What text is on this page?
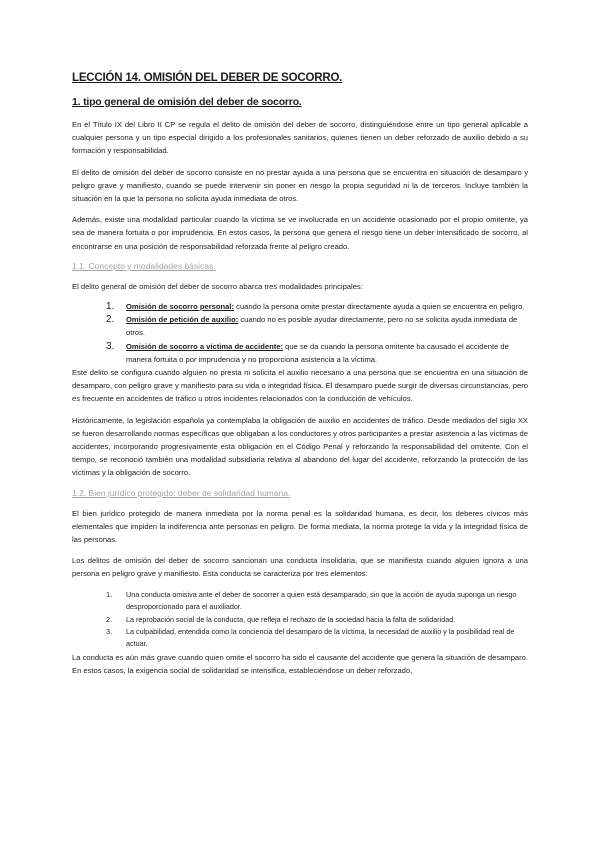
LECCIÓN 14. OMISIÓN DEL DEBER DE SOCORRO.
1. tipo general de omisión del deber de socorro.
En el Título IX del Libro II CP se regula el delito de omisión del deber de socorro, distinguiéndose entre un tipo general aplicable a cualquier persona y un tipo especial dirigido a los profesionales sanitarios, quienes tienen un deber reforzado de auxilio debido a su formación y responsabilidad.
El delito de omisión del deber de socorro consiste en no prestar ayuda a una persona que se encuentra en situación de desamparo y peligro grave y manifiesto, cuando se puede intervenir sin poner en riesgo la propia seguridad ni la de terceros. Incluye también la situación en la que la persona no solicita ayuda inmediata de otros.
Además, existe una modalidad particular cuando la víctima se ve involucrada en un accidente ocasionado por el propio omitente, ya sea de manera fortuita o por imprudencia. En estos casos, la persona que genera el riesgo tiene un deber intensificado de socorro, al encontrarse en una posición de responsabilidad reforzada frente al peligro creado.
1.1. Concepto y modalidades básicas.
El delito general de omisión del deber de socorro abarca tres modalidades principales:
1. Omisión de socorro personal: cuando la persona omite prestar directamente ayuda a quien se encuentra en peligro.
2. Omisión de petición de auxilio: cuando no es posible ayudar directamente, pero no se solicita ayuda inmediata de otros.
3. Omisión de socorro a víctima de accidente: que se da cuando la persona omitente ha causado el accidente de manera fortuita o por imprudencia y no proporciona asistencia a la víctima.
Este delito se configura cuando alguien no presta ni solicita el auxilio necesario a una persona que se encuentra en una situación de desamparo, con peligro grave y manifiesto para su vida o integridad física. El desamparo puede surgir de diversas circunstancias, pero es frecuente en accidentes de tráfico u otros incidentes relacionados con la conducción de vehículos.
Históricamente, la legislación española ya contemplaba la obligación de auxilio en accidentes de tráfico. Desde mediados del siglo XX se fueron desarrollando normas específicas que obligaban a los conductores y otros participantes a prestar asistencia a las víctimas de accidentes, incorporando progresivamente esta obligación en el Código Penal y reforzando la responsabilidad del omitente. Con el tiempo, se reconoció también una modalidad subsidiaria relativa al abandono del lugar del accidente, reforzando la protección de las víctimas y la obligación de socorro.
1.2. Bien jurídico protegido: deber de solidaridad humana.
El bien jurídico protegido de manera inmediata por la norma penal es la solidaridad humana, es decir, los deberes cívicos más elementales que impiden la indiferencia ante personas en peligro. De forma mediata, la norma protege la vida y la integridad física de las personas.
Los delitos de omisión del deber de socorro sancionan una conducta insolidaria, que se manifiesta cuando alguien ignora a una persona en peligro grave y manifiesto. Esta conducta se caracteriza por tres elementos:
1. Una conducta omisiva ante el deber de socorrer a quien está desamparado, sin que la acción de ayuda suponga un riesgo desproporcionado para el auxiliador.
2. La reprobación social de la conducta, que refleja el rechazo de la sociedad hacia la falta de solidaridad.
3. La culpabilidad, entendida como la conciencia del desamparo de la víctima, la necesidad de auxilio y la posibilidad real de actuar.
La conducta es aún más grave cuando quien omite el socorro ha sido el causante del accidente que genera la situación de desamparo. En estos casos, la exigencia social de solidaridad se intensifica, estableciéndose un deber reforzado,
